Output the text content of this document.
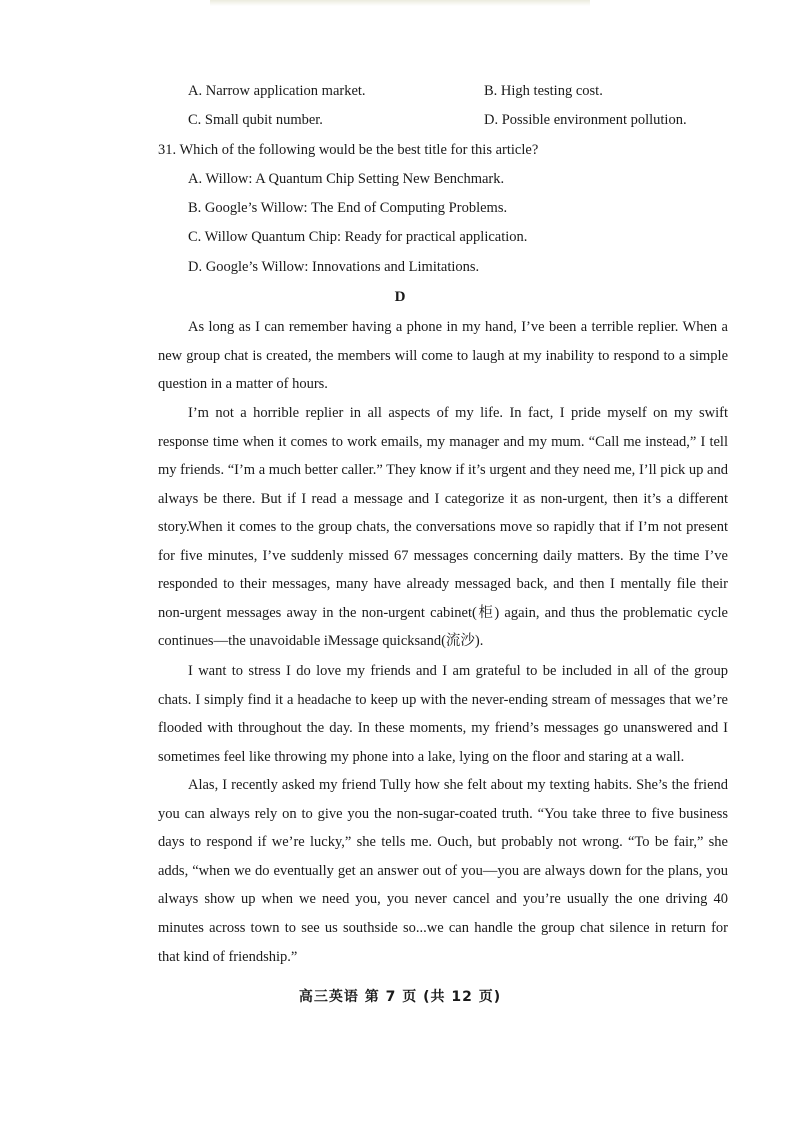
A. Narrow application market.	B. High testing cost.
C. Small qubit number.	D. Possible environment pollution.
31. Which of the following would be the best title for this article?
A. Willow: A Quantum Chip Setting New Benchmark.
B. Google’s Willow: The End of Computing Problems.
C. Willow Quantum Chip: Ready for practical application.
D. Google’s Willow: Innovations and Limitations.
D

As long as I can remember having a phone in my hand, I’ve been a terrible replier. When a new group chat is created, the members will come to laugh at my inability to respond to a simple question in a matter of hours.

I’m not a horrible replier in all aspects of my life. In fact, I pride myself on my swift response time when it comes to work emails, my manager and my mum. “Call me instead,” I tell my friends. “I’m a much better caller.” They know if it’s urgent and they need me, I’ll pick up and always be there. But if I read a message and I categorize it as non-urgent, then it’s a different story.

When it comes to the group chats, the conversations move so rapidly that if I’m not present for five minutes, I’ve suddenly missed 67 messages concerning daily matters. By the time I’ve responded to their messages, many have already messaged back, and then I mentally file their non-urgent messages away in the non-urgent cabinet(柜) again, and thus the problematic cycle continues—the unavoidable iMessage quicksand(流沙).

I want to stress I do love my friends and I am grateful to be included in all of the group chats. I simply find it a headache to keep up with the never-ending stream of messages that we’re flooded with throughout the day. In these moments, my friend’s messages go unanswered and I sometimes feel like throwing my phone into a lake, lying on the floor and staring at a wall.

Alas, I recently asked my friend Tully how she felt about my texting habits. She’s the friend you can always rely on to give you the non-sugar-coated truth. “You take three to five business days to respond if we’re lucky,” she tells me. Ouch, but probably not wrong. “To be fair,” she adds, “when we do eventually get an answer out of you—you are always down for the plans, you always show up when we need you, you never cancel and you’re usually the one driving 40 minutes across town to see us southside so...we can handle the group chat silence in return for that kind of friendship.”

高三英语 第 7 页 (共 12 页)
